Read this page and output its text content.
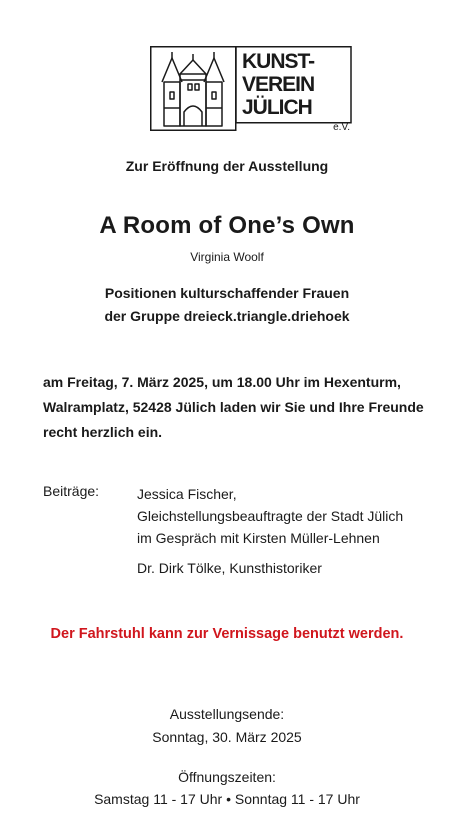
KUNST-
VEREIN
JÜLICH
e.V.
Zur Eröffnung der Ausstellung
A Room of One’s Own
Virginia Woolf
Positionen kulturschaffender Frauen
der Gruppe dreieck.triangle.driehoek
am Freitag, 7. März 2025, um 18.00 Uhr im Hexenturm,
Walramplatz, 52428 Jülich laden wir Sie und Ihre Freunde
recht herzlich ein.
Beiträge:	Jessica Fischer,
Gleichstellungsbeauftragte der Stadt Jülich
im Gespräch mit Kirsten Müller-Lehnen
Dr. Dirk Tölke, Kunsthistoriker
Der Fahrstuhl kann zur Vernissage benutzt werden.
Ausstellungsende:
Sonntag, 30. März 2025
Öffnungszeiten:
Samstag 11 - 17 Uhr • Sonntag 11 - 17 Uhr
